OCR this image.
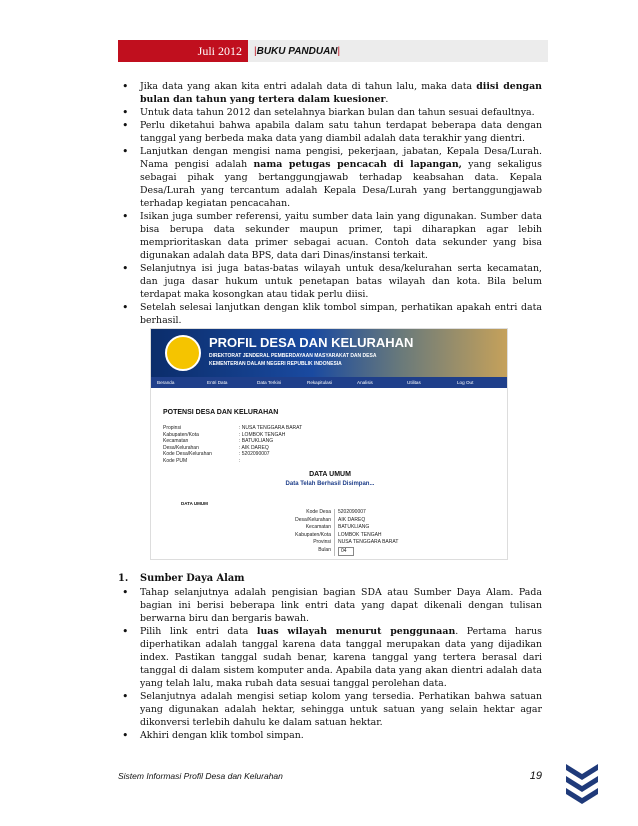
Juli 2012	| BUKU PANDUAN |
• Jika data yang akan kita entri adalah data di tahun lalu, maka data diisi dengan bulan dan tahun yang tertera dalam kuesioner.
• Untuk data tahun 2012 dan setelahnya biarkan bulan dan tahun sesuai defaultnya.
• Perlu diketahui bahwa apabila dalam satu tahun terdapat beberapa data dengan tanggal yang berbeda maka data yang diambil adalah data terakhir yang dientri.
• Lanjutkan dengan mengisi nama pengisi, pekerjaan, jabatan, Kepala Desa/Lurah. Nama pengisi adalah nama petugas pencacah di lapangan, yang sekaligus sebagai pihak yang bertanggungjawab terhadap keabsahan data. Kepala Desa/Lurah yang tercantum adalah Kepala Desa/Lurah yang bertanggungjawab terhadap kegiatan pencacahan.
• Isikan juga sumber referensi, yaitu sumber data lain yang digunakan. Sumber data bisa berupa data sekunder maupun primer, tapi diharapkan agar lebih memprioritaskan data primer sebagai acuan. Contoh data sekunder yang bisa digunakan adalah data BPS, data dari Dinas/instansi terkait.
• Selanjutnya isi juga batas-batas wilayah untuk desa/kelurahan serta kecamatan, dan juga dasar hukum untuk penetapan batas wilayah dan kota. Bila belum terdapat maka kosongkan atau tidak perlu diisi.
• Setelah selesai lanjutkan dengan klik tombol simpan, perhatikan apakah entri data berhasil.
PROFIL DESA DAN KELURAHAN
DIREKTORAT JENDERAL PEMBERDAYAAN MASYARAKAT DAN DESA
KEMENTERIAN DALAM NEGERI REPUBLIK INDONESIA
Beranda	Entri Data	Data Terkini	Rekapitulasi	Analisis	Utilitas	Log Out
POTENSI DESA DAN KELURAHAN
Propinsi	: NUSA TENGGARA BARAT
Kabupaten/Kota	: LOMBOK TENGAH
Kecamatan	: BATUKLIANG
Desa/Kelurahan	: AIK DAREQ
Kode Desa/Kelurahan	: 5202090007
Kode PUM	:
DATA UMUM
Data Telah Berhasil Disimpan...
DATA UMUM
Kode Desa	5202090007
Desa/Kelurahan	AIK DAREQ
Kecamatan	BATUKLIANG
Kabupaten/Kota	LOMBOK TENGAH
Provinsi	NUSA TENGGARA BARAT
Bulan	04
1. Sumber Daya Alam
• Tahap selanjutnya adalah pengisian bagian SDA atau Sumber Daya Alam. Pada bagian ini berisi beberapa link entri data yang dapat dikenali dengan tulisan berwarna biru dan bergaris bawah.
• Pilih link entri data luas wilayah menurut penggunaan. Pertama harus diperhatikan adalah tanggal karena data tanggal merupakan data yang dijadikan index. Pastikan tanggal sudah benar, karena tanggal yang tertera berasal dari tanggal di dalam sistem komputer anda. Apabila data yang akan dientri adalah data yang telah lalu, maka rubah data sesuai tanggal perolehan data.
• Selanjutnya adalah mengisi setiap kolom yang tersedia. Perhatikan bahwa satuan yang digunakan adalah hektar, sehingga untuk satuan yang selain hektar agar dikonversi terlebih dahulu ke dalam satuan hektar.
• Akhiri dengan klik tombol simpan.
Sistem Informasi Profil Desa dan Kelurahan	19
